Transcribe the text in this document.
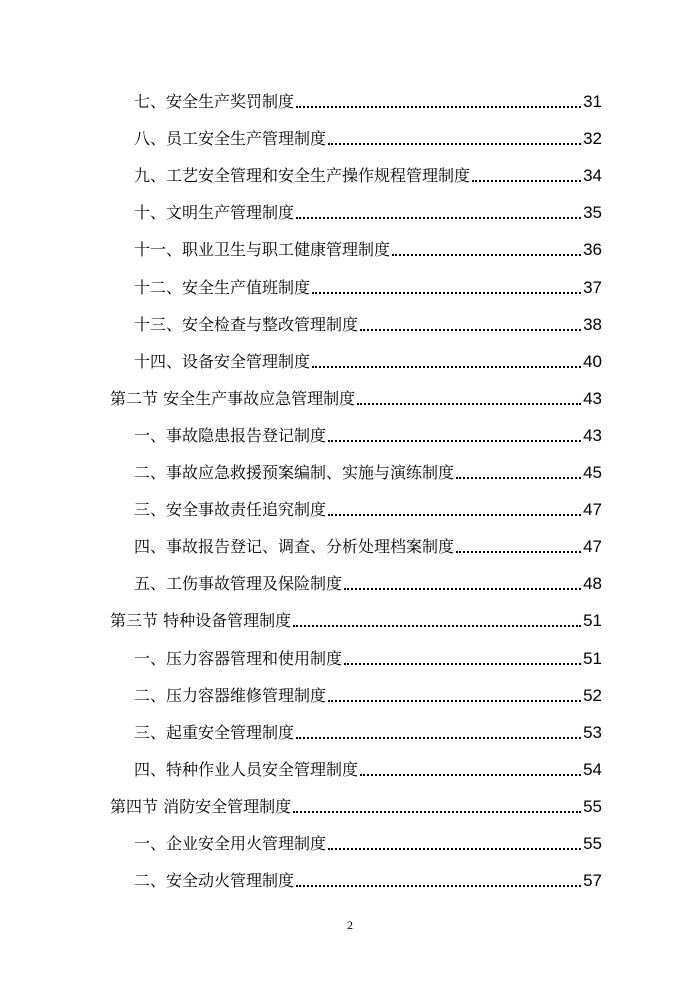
七、安全生产奖罚制度	31
八、员工安全生产管理制度	32
九、工艺安全管理和安全生产操作规程管理制度	34
十、文明生产管理制度	35
十一、职业卫生与职工健康管理制度	36
十二、安全生产值班制度	37
十三、安全检查与整改管理制度	38
十四、设备安全管理制度	40
第二节 安全生产事故应急管理制度	43
一、事故隐患报告登记制度	43
二、事故应急救援预案编制、实施与演练制度	45
三、安全事故责任追究制度	47
四、事故报告登记、调查、分析处理档案制度	47
五、工伤事故管理及保险制度	48
第三节 特种设备管理制度	51
一、压力容器管理和使用制度	51
二、压力容器维修管理制度	52
三、起重安全管理制度	53
四、特种作业人员安全管理制度	54
第四节 消防安全管理制度	55
一、企业安全用火管理制度	55
二、安全动火管理制度	57
2
